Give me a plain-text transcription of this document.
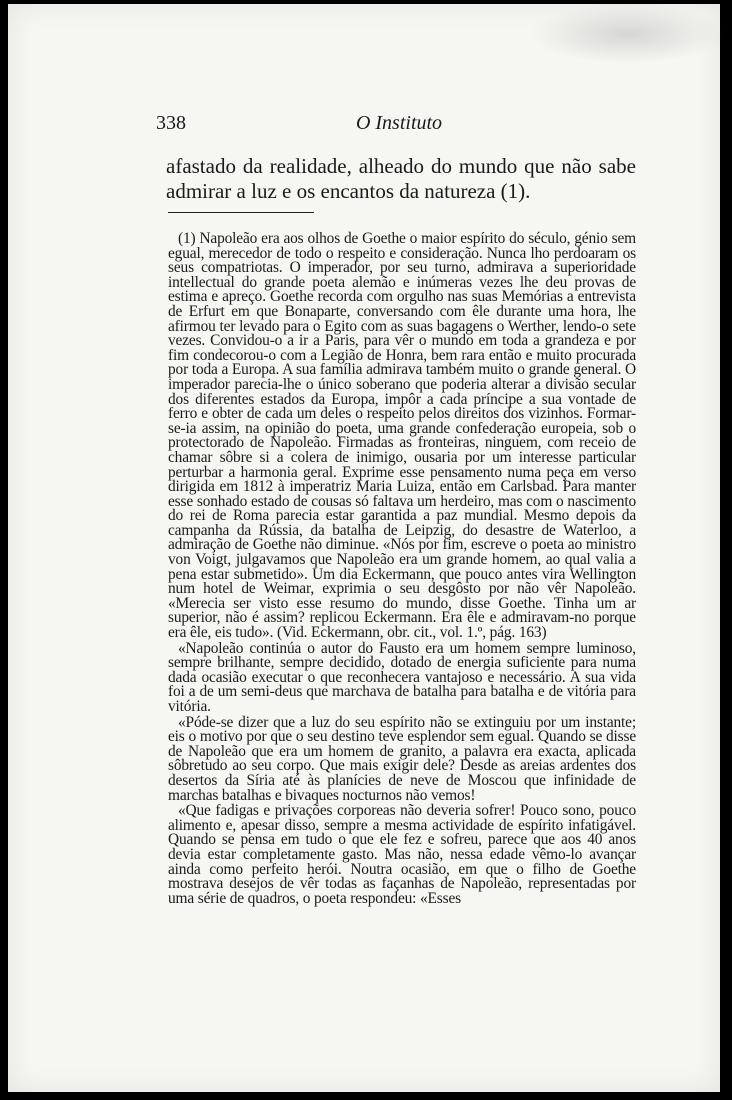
338	O Instituto

afastado da realidade, alheado do mundo que não sabe admirar a luz e os encantos da natureza (1).

(1) Napoleão era aos olhos de Goethe o maior espírito do século, génio sem egual, merecedor de todo o respeito e consideração. Nunca lho perdoaram os seus compatriotas. O imperador, por seu turno, admirava a superioridade intellectual do grande poeta alemão e inúmeras vezes lhe deu provas de estima e apreço. Goethe recorda com orgulho nas suas Memórias a entrevista de Erfurt em que Bonaparte, conversando com êle durante uma hora, lhe afirmou ter levado para o Egito com as suas bagagens o Werther, lendo-o sete vezes. Convidou-o a ir a Paris, para vêr o mundo em toda a grandeza e por fim condecorou-o com a Legião de Honra, bem rara então e muito procurada por toda a Europa. A sua família admirava também muito o grande general. O imperador parecia-lhe o único soberano que poderia alterar a divisão secular dos diferentes estados da Europa, impôr a cada príncipe a sua vontade de ferro e obter de cada um deles o respeito pelos direitos dos vizinhos. Formar-se-ia assim, na opinião do poeta, uma grande confederação europeia, sob o protectorado de Napoleão. Firmadas as fronteiras, ninguem, com receio de chamar sôbre si a colera de inimigo, ousaria por um interesse particular perturbar a harmonia geral. Exprime esse pensamento numa peça em verso dirigida em 1812 à imperatriz Maria Luiza, então em Carlsbad. Para manter esse sonhado estado de cousas só faltava um herdeiro, mas com o nascimento do rei de Roma parecia estar garantida a paz mundial. Mesmo depois da campanha da Rússia, da batalha de Leipzig, do desastre de Waterloo, a admiração de Goethe não diminue. «Nós por fim, escreve o poeta ao ministro von Voigt, julgavamos que Napoleão era um grande homem, ao qual valia a pena estar submetido». Um dia Eckermann, que pouco antes vira Wellington num hotel de Weimar, exprimia o seu desgôsto por não vêr Napoleão. «Merecia ser visto esse resumo do mundo, disse Goethe. Tinha um ar superior, não é assim? replicou Eckermann. Era êle e admiravam-no porque era êle, eis tudo». (Vid. Eckermann, obr. cit., vol. 1.º, pág. 163)

«Napoleão continúa o autor do Fausto era um homem sempre luminoso, sempre brilhante, sempre decidido, dotado de energia suficiente para numa dada ocasião executar o que reconhecera vantajoso e necessário. A sua vida foi a de um semi-deus que marchava de batalha para batalha e de vitória para vitória.

«Póde-se dizer que a luz do seu espírito não se extinguiu por um instante; eis o motivo por que o seu destino teve esplendor sem egual. Quando se disse de Napoleão que era um homem de granito, a palavra era exacta, aplicada sôbretudo ao seu corpo. Que mais exigir dele? Desde as areias ardentes dos desertos da Síria até às planícies de neve de Moscou que infinidade de marchas batalhas e bivaques nocturnos não vemos!

«Que fadigas e privações corporeas não deveria sofrer! Pouco sono, pouco alimento e, apesar disso, sempre a mesma actividade de espírito infatigável. Quando se pensa em tudo o que ele fez e sofreu, parece que aos 40 anos devia estar completamente gasto. Mas não, nessa edade vêmo-lo avançar ainda como perfeito herói. Noutra ocasião, em que o filho de Goethe mostrava desejos de vêr todas as façanhas de Napoleão, representadas por uma série de quadros, o poeta respondeu: «Esses
